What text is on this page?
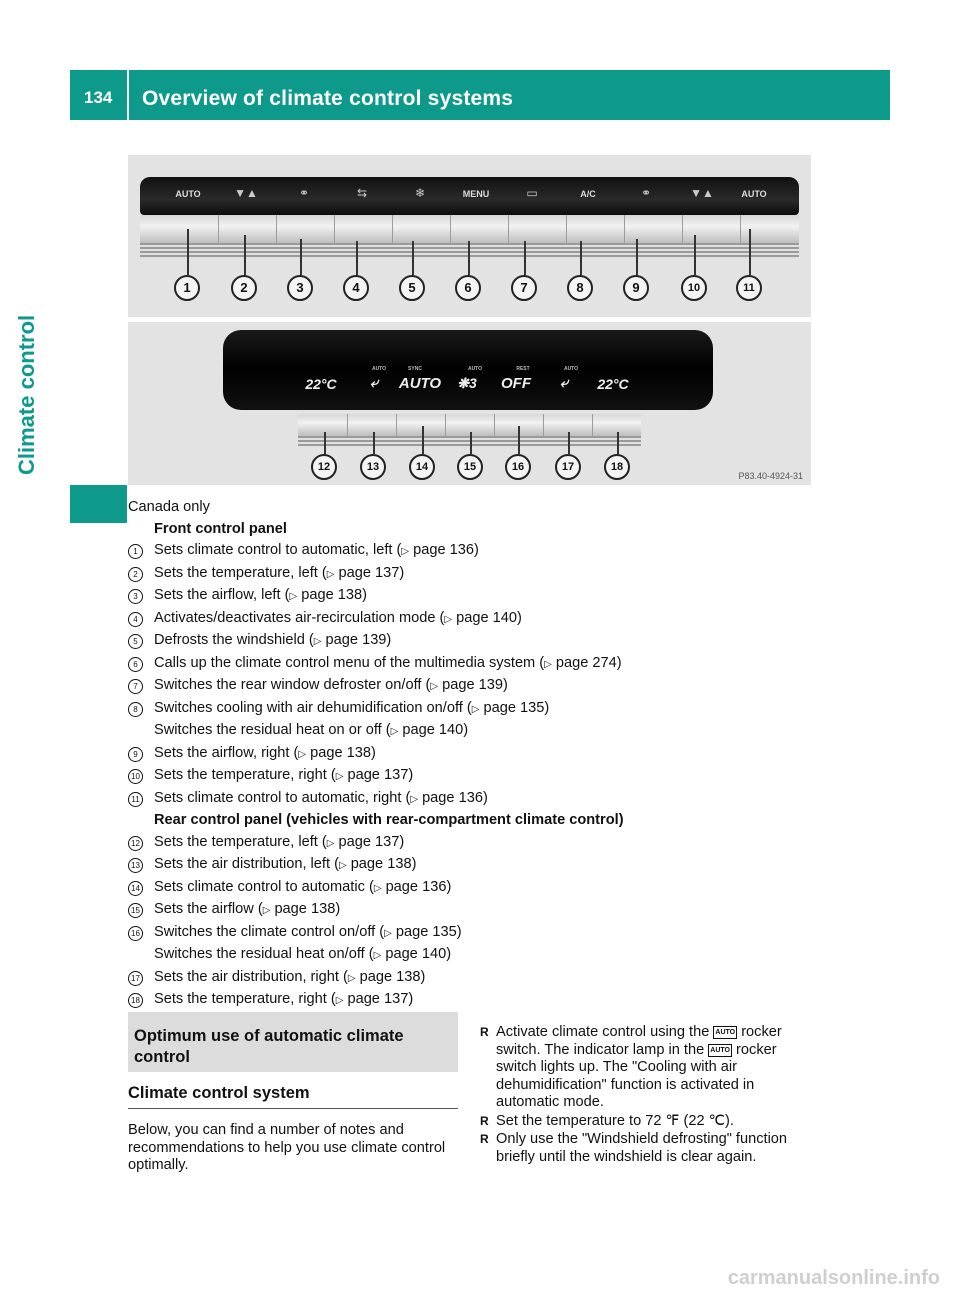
134 Overview of climate control systems
Climate control
AUTO	▼▲	⚭	⇆	❄	MENU	▭	A/C	⚭	▼▲	AUTO
1	2	3	4	5	6	7	8	9	10	11
AUTO	SYNC	AUTO	REST	AUTO
22°C	⤶	AUTO	❋3	OFF	⤶	22°C
12	13	14	15	16	17	18
P83.40-4924-31
Canada only
Front control panel
1	Sets climate control to automatic, left (▷ page 136)
2	Sets the temperature, left (▷ page 137)
3	Sets the airflow, left (▷ page 138)
4	Activates/deactivates air-recirculation mode (▷ page 140)
5	Defrosts the windshield (▷ page 139)
6	Calls up the climate control menu of the multimedia system (▷ page 274)
7	Switches the rear window defroster on/off (▷ page 139)
8	Switches cooling with air dehumidification on/off (▷ page 135)
Switches the residual heat on or off (▷ page 140)
9	Sets the airflow, right (▷ page 138)
10 Sets the temperature, right (▷ page 137)
11 Sets climate control to automatic, right (▷ page 136)
Rear control panel (vehicles with rear-compartment climate control)
12 Sets the temperature, left (▷ page 137)
13 Sets the air distribution, left (▷ page 138)
14 Sets climate control to automatic (▷ page 136)
15 Sets the airflow (▷ page 138)
16 Switches the climate control on/off (▷ page 135)
Switches the residual heat on/off (▷ page 140)
17 Sets the air distribution, right (▷ page 138)
18 Sets the temperature, right (▷ page 137)
Optimum use of automatic climate control
Climate control system
Below, you can find a number of notes and recommendations to help you use climate control optimally.
R Activate climate control using the AUTO rocker switch. The indicator lamp in the AUTO rocker switch lights up. The "Cooling with air dehumidification" function is activated in automatic mode.
R Set the temperature to 72 ℉ (22 ℃).
R Only use the "Windshield defrosting" function briefly until the windshield is clear again.
carmanualsonline.info
